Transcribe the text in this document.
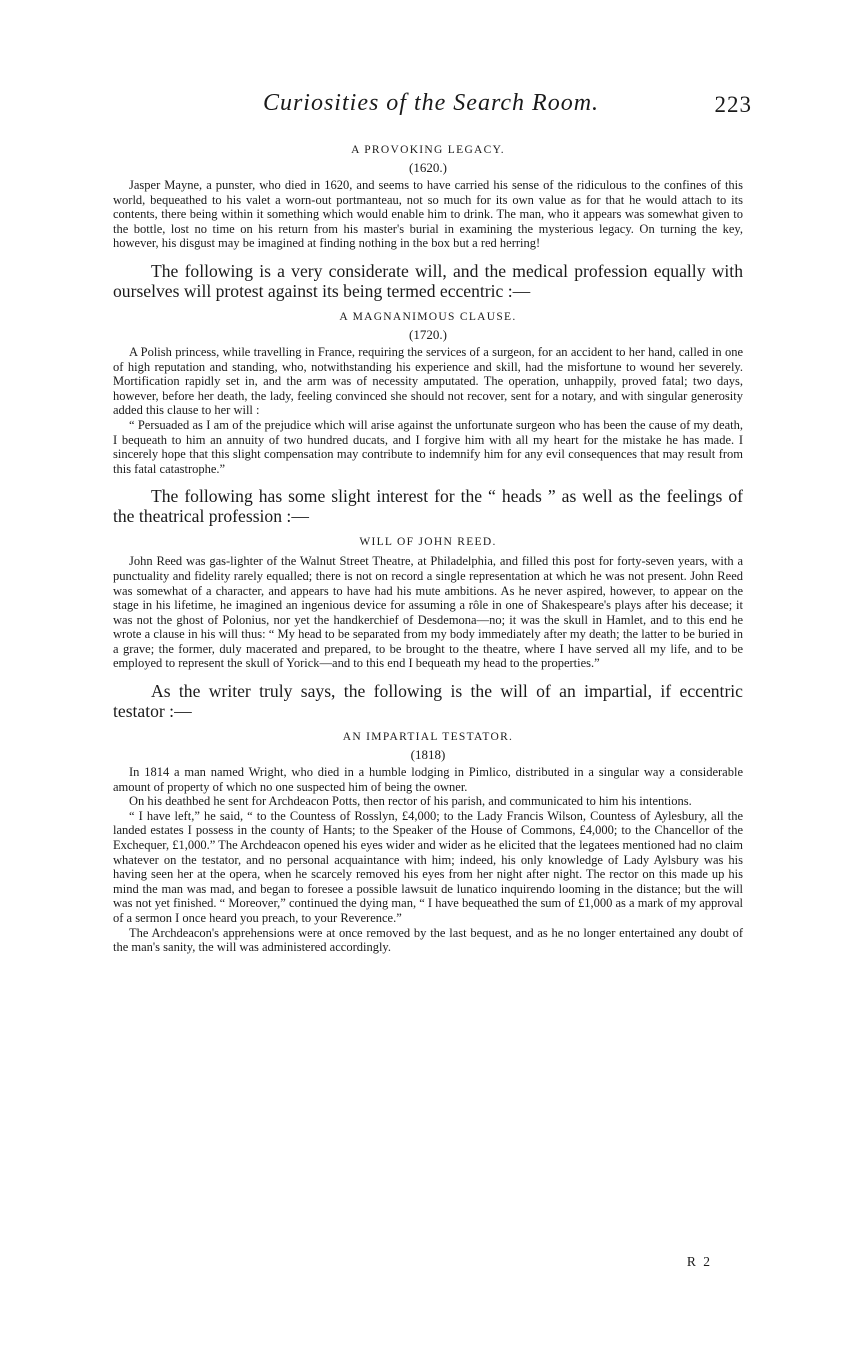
Curiosities of the Search Room.	223

A PROVOKING LEGACY.

(1620.)

Jasper Mayne, a punster, who died in 1620, and seems to have carried his sense of the ridiculous to the confines of this world, bequeathed to his valet a worn-out portmanteau, not so much for its own value as for that he would attach to its contents, there being within it something which would enable him to drink. The man, who it appears was somewhat given to the bottle, lost no time on his return from his master's burial in examining the mysterious legacy. On turning the key, however, his disgust may be imagined at finding nothing in the box but a red herring!

The following is a very considerate will, and the medical profession equally with ourselves will protest against its being termed eccentric :—

A MAGNANIMOUS CLAUSE.

(1720.)

A Polish princess, while travelling in France, requiring the services of a surgeon, for an accident to her hand, called in one of high reputation and standing, who, notwithstanding his experience and skill, had the misfortune to wound her severely. Mortification rapidly set in, and the arm was of necessity amputated. The operation, unhappily, proved fatal; two days, however, before her death, the lady, feeling convinced she should not recover, sent for a notary, and with singular generosity added this clause to her will :

“ Persuaded as I am of the prejudice which will arise against the unfortunate surgeon who has been the cause of my death, I bequeath to him an annuity of two hundred ducats, and I forgive him with all my heart for the mistake he has made. I sincerely hope that this slight compensation may contribute to indemnify him for any evil consequences that may result from this fatal catastrophe.”

The following has some slight interest for the “ heads ” as well as the feelings of the theatrical profession :—

WILL OF JOHN REED.

John Reed was gas-lighter of the Walnut Street Theatre, at Philadelphia, and filled this post for forty-seven years, with a punctuality and fidelity rarely equalled; there is not on record a single representation at which he was not present. John Reed was somewhat of a character, and appears to have had his mute ambitions. As he never aspired, however, to appear on the stage in his lifetime, he imagined an ingenious device for assuming a rôle in one of Shakespeare's plays after his decease; it was not the ghost of Polonius, nor yet the handkerchief of Desdemona—no; it was the skull in Hamlet, and to this end he wrote a clause in his will thus: “ My head to be separated from my body immediately after my death; the latter to be buried in a grave; the former, duly macerated and prepared, to be brought to the theatre, where I have served all my life, and to be employed to represent the skull of Yorick—and to this end I bequeath my head to the properties.”

As the writer truly says, the following is the will of an impartial, if eccentric testator :—

AN IMPARTIAL TESTATOR.

(1818)

In 1814 a man named Wright, who died in a humble lodging in Pimlico, distributed in a singular way a considerable amount of property of which no one suspected him of being the owner.

On his deathbed he sent for Archdeacon Potts, then rector of his parish, and communicated to him his intentions.

“ I have left,” he said, “ to the Countess of Rosslyn, £4,000; to the Lady Francis Wilson, Countess of Aylesbury, all the landed estates I possess in the county of Hants; to the Speaker of the House of Commons, £4,000; to the Chancellor of the Exchequer, £1,000.” The Archdeacon opened his eyes wider and wider as he elicited that the legatees mentioned had no claim whatever on the testator, and no personal acquaintance with him; indeed, his only knowledge of Lady Aylsbury was his having seen her at the opera, when he scarcely removed his eyes from her night after night. The rector on this made up his mind the man was mad, and began to foresee a possible lawsuit de lunatico inquirendo looming in the distance; but the will was not yet finished. “ Moreover,” continued the dying man, “ I have bequeathed the sum of £1,000 as a mark of my approval of a sermon I once heard you preach, to your Reverence.”

The Archdeacon's apprehensions were at once removed by the last bequest, and as he no longer entertained any doubt of the man's sanity, the will was administered accordingly.

R 2
